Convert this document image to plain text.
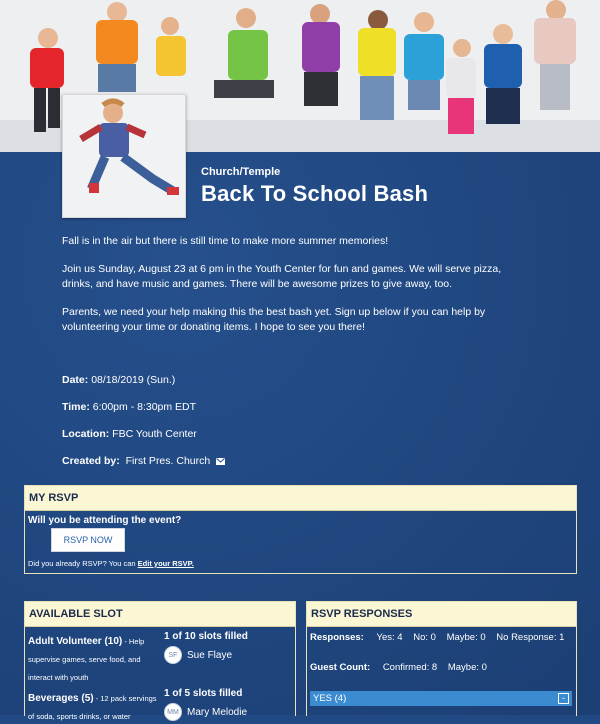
Church/Temple
Back To School Bash

Fall is in the air but there is still time to make more summer memories!

Join us Sunday, August 23 at 6 pm in the Youth Center for fun and games. We will serve pizza, drinks, and have music and games. There will be awesome prizes to give away, too.

Parents, we need your help making this the best bash yet. Sign up below if you can help by volunteering your time or donating items. I hope to see you there!

Date: 08/18/2019 (Sun.)
Time: 6:00pm - 8:30pm EDT
Location: FBC Youth Center
Created by: First Pres. Church
MY RSVP
Will you be attending the event?
RSVP NOW
Did you already RSVP? You can Edit your RSVP.
AVAILABLE SLOT
Adult Volunteer (10) - Help supervise games, serve food, and interact with youth
1 of 10 slots filled
SF Sue Flaye
Beverages (5) - 12 pack servings of soda, sports drinks, or water
1 of 5 slots filled
MM Mary Melodie
RSVP RESPONSES
Responses: Yes: 4 No: 0 Maybe: 0 No Response: 1
Guest Count: Confirmed: 8 Maybe: 0
YES (4)	-
